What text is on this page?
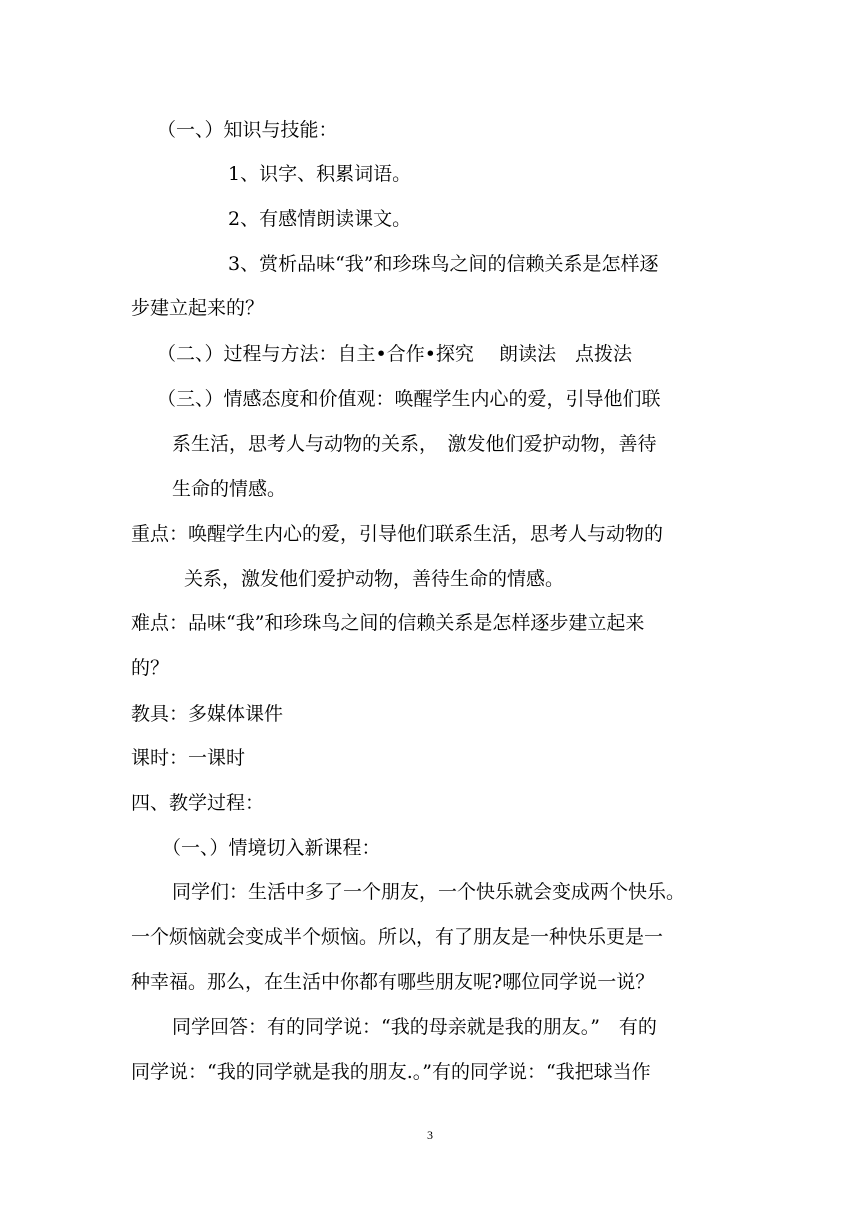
（一、）知识与技能：
1、识字、积累词语。
2、有感情朗读课文。
3、赏析品味“我”和珍珠鸟之间的信赖关系是怎样逐
步建立起来的？
（二、）过程与方法：自主•合作•探究　 朗读法　点拨法
（三、）情感态度和价值观：唤醒学生内心的爱，引导他们联
系生活，思考人与动物的关系，　激发他们爱护动物，善待
生命的情感。
重点：唤醒学生内心的爱，引导他们联系生活，思考人与动物的
关系，激发他们爱护动物，善待生命的情感。
难点：品味“我”和珍珠鸟之间的信赖关系是怎样逐步建立起来
的？
教具：多媒体课件
课时：一课时
四、教学过程：
（一、）情境切入新课程：
同学们：生活中多了一个朋友，一个快乐就会变成两个快乐。
一个烦恼就会变成半个烦恼。所以，有了朋友是一种快乐更是一
种幸福。那么，在生活中你都有哪些朋友呢?哪位同学说一说？
同学回答：有的同学说：“我的母亲就是我的朋友。”　有的
同学说：“我的同学就是我的朋友.。”有的同学说：“我把球当作
3
